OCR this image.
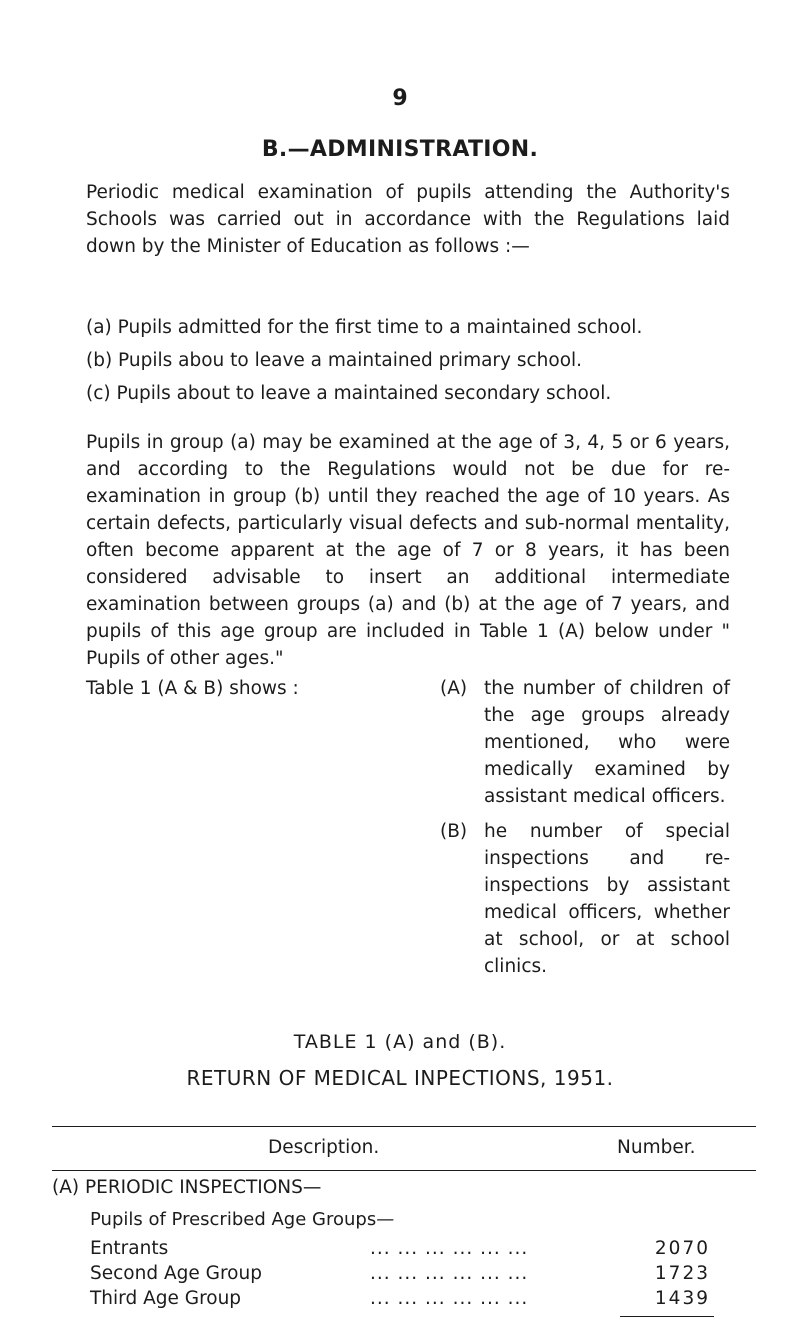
9
B.—ADMINISTRATION.

Periodic medical examination of pupils attending the Authority's Schools was carried out in accordance with the Regulations laid down by the Minister of Education as follows :—

(a) Pupils admitted for the first time to a maintained school.
(b) Pupils abou to leave a maintained primary school.
(c) Pupils about to leave a maintained secondary school.

Pupils in group (a) may be examined at the age of 3, 4, 5 or 6 years, and according to the Regulations would not be due for re-examination in group (b) until they reached the age of 10 years. As certain defects, particularly visual defects and sub-normal mentality, often become apparent at the age of 7 or 8 years, it has been considered advisable to insert an additional intermediate examination between groups (a) and (b) at the age of 7 years, and pupils of this age group are included in Table 1 (A) below under " Pupils of other ages."

Table 1 (A & B) shows :	(A) the number of children of the age groups already mentioned, who were medically examined by assistant medical officers.
(B) he number of special inspections and re-inspections by assistant medical officers, whether at school, or at school clinics.
TABLE 1 (A) and (B).
RETURN OF MEDICAL INPECTIONS, 1951.
Description.	Number.
(A) PERIODIC INSPECTIONS—
Pupils of Prescribed Age Groups—
Entrants	... ... ... ... ... ...	2070
Second Age Group	... ... ... ... ... ...	1723
Third Age Group	... ... ... ... ... ...	1439
